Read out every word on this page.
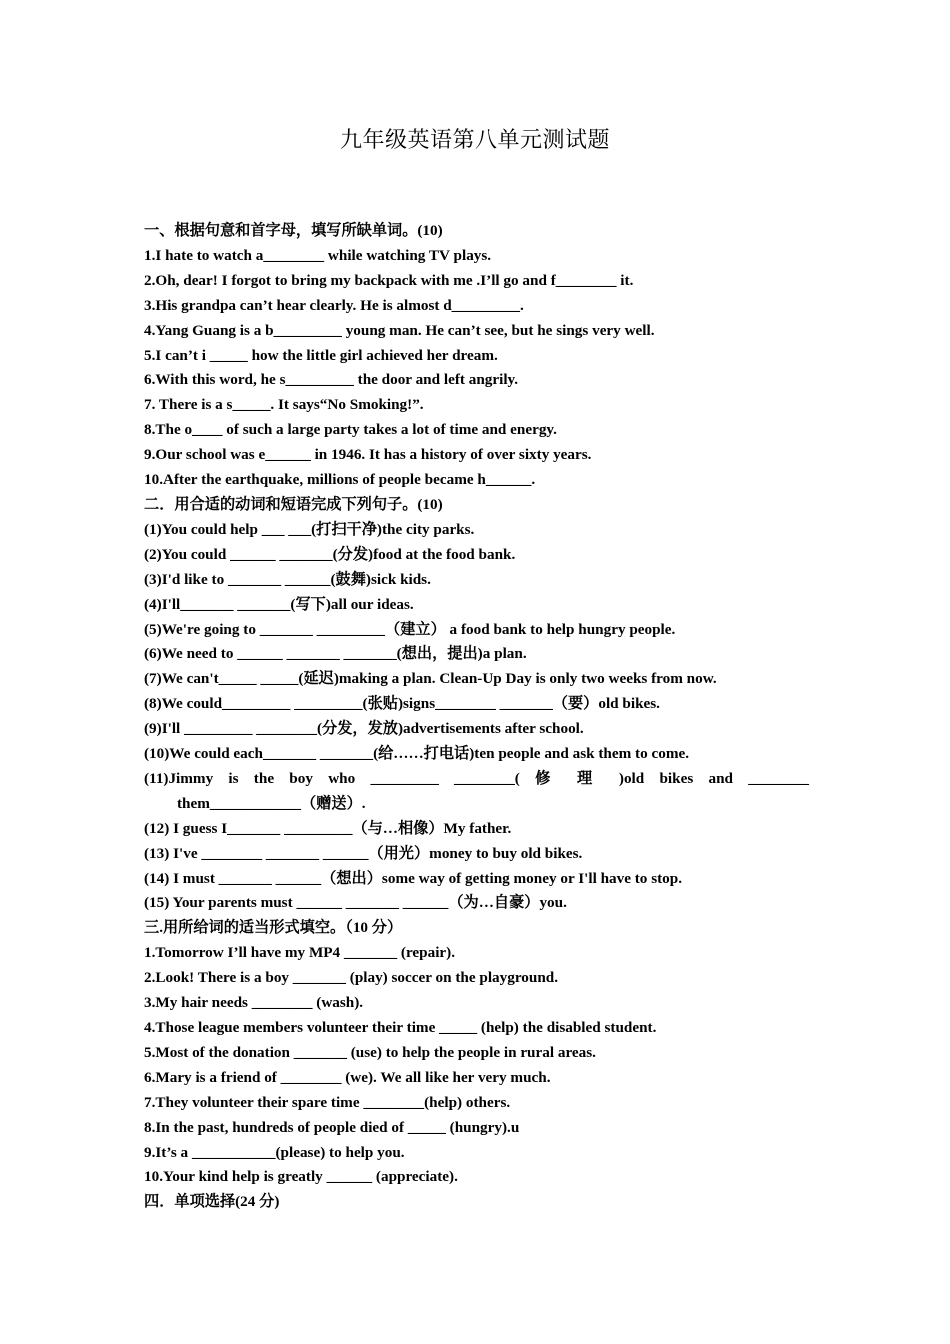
九年级英语第八单元测试题
一、根据句意和首字母，填写所缺单词。(10)
1.I hate to watch a________ while watching TV plays.
2.Oh, dear! I forgot to bring my backpack with me .I’ll go and f________ it.
3.His grandpa can’t hear clearly. He is almost d_________.
4.Yang Guang is a b_________ young man. He can’t see, but he sings very well.
5.I can’t i _____ how the little girl achieved her dream.
6.With this word, he s_________ the door and left angrily.
7. There is a s_____. It says“No Smoking!”.
8.The o____ of such a large party takes a lot of time and energy.
9.Our school was e______ in 1946. It has a history of over sixty years.
10.After the earthquake, millions of people became h______.
二．用合适的动词和短语完成下列句子。(10)
(1)You could help ___ ___(打扫干净)the city parks.
(2)You could ______ _______(分发)food at the food bank.
(3)I'd like to _______ ______(鼓舞)sick kids.
(4)I'll_______ _______(写下)all our ideas.
(5)We're going to _______ _________（建立） a food bank to help hungry people.
(6)We need to ______ _______ _______(想出，提出)a plan.
(7)We can't_____ _____(延迟)making a plan. Clean-Up Day is only two weeks from now.
(8)We could_________ _________(张贴)signs________ _______（要）old bikes.
(9)I'll _________ ________(分发，发放)advertisements after school.
(10)We could each_______ _______(给……打电话)ten people and ask them to come.
(11)Jimmy is the boy who _________ ________( 修 理 )old bikes and ________
them____________（赠送）.
(12) I guess I_______ _________（与…相像）My father.
(13) I've ________ _______ ______（用光）money to buy old bikes.
(14) I must _______ ______（想出）some way of getting money or I'll have to stop.
(15) Your parents must ______ _______ ______（为…自豪）you.
三.用所给词的适当形式填空。（10 分）
1.Tomorrow I’ll have my MP4 _______ (repair).
2.Look! There is a boy _______ (play) soccer on the playground.
3.My hair needs ________ (wash).
4.Those league members volunteer their time _____ (help) the disabled student.
5.Most of the donation _______ (use) to help the people in rural areas.
6.Mary is a friend of ________ (we). We all like her very much.
7.They volunteer their spare time ________(help) others.
8.In the past, hundreds of people died of _____ (hungry).u
9.It’s a ___________(please) to help you.
10.Your kind help is greatly ______ (appreciate).
四．单项选择(24 分)
